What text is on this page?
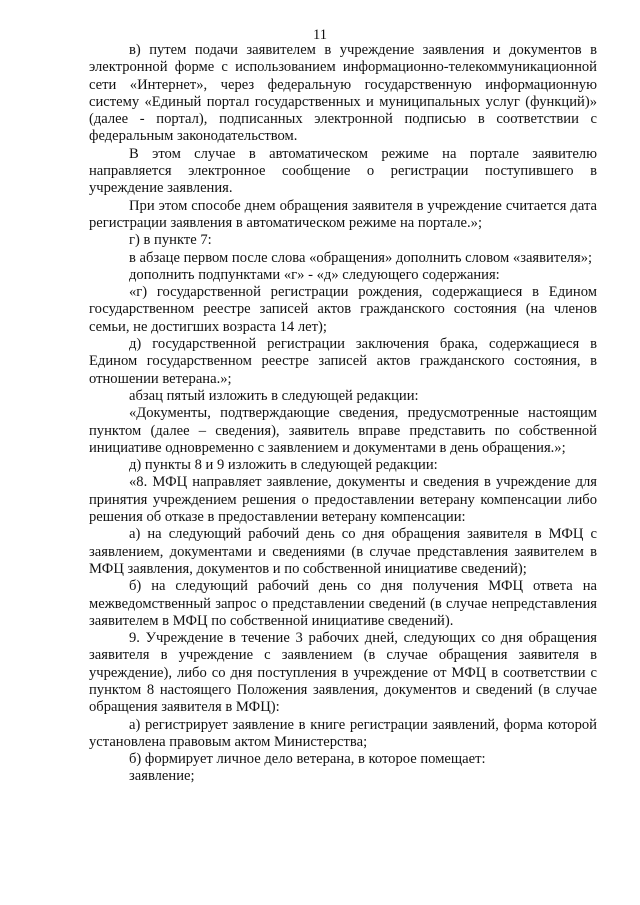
11

в) путем подачи заявителем в учреждение заявления и документов в электронной форме с использованием информационно-телекоммуникационной сети «Интернет», через федеральную государственную информационную систему «Единый портал государственных и муниципальных услуг (функций)» (далее - портал), подписанных электронной подписью в соответствии с федеральным законодательством.

В этом случае в автоматическом режиме на портале заявителю направляется электронное сообщение о регистрации поступившего в учреждение заявления.

При этом способе днем обращения заявителя в учреждение считается дата регистрации заявления в автоматическом режиме на портале.»;

г) в пункте 7:

в абзаце первом после слова «обращения» дополнить словом «заявителя»;

дополнить подпунктами «г» - «д» следующего содержания:

«г) государственной регистрации рождения, содержащиеся в Едином государственном реестре записей актов гражданского состояния (на членов семьи, не достигших возраста 14 лет);

д) государственной регистрации заключения брака, содержащиеся в Едином государственном реестре записей актов гражданского состояния, в отношении ветерана.»;

абзац пятый изложить в следующей редакции:

«Документы, подтверждающие сведения, предусмотренные настоящим пунктом (далее – сведения), заявитель вправе представить по собственной инициативе одновременно с заявлением и документами в день обращения.»;

д) пункты 8 и 9 изложить в следующей редакции:

«8. МФЦ направляет заявление, документы и сведения в учреждение для принятия учреждением решения о предоставлении ветерану компенсации либо решения об отказе в предоставлении ветерану компенсации:

а) на следующий рабочий день со дня обращения заявителя в МФЦ с заявлением, документами и сведениями (в случае представления заявителем в МФЦ заявления, документов и по собственной инициативе сведений);

б) на следующий рабочий день со дня получения МФЦ ответа на межведомственный запрос о представлении сведений (в случае непредставления заявителем в МФЦ по собственной инициативе сведений).

9. Учреждение в течение 3 рабочих дней, следующих со дня обращения заявителя в учреждение с заявлением (в случае обращения заявителя в учреждение), либо со дня поступления в учреждение от МФЦ в соответствии с пунктом 8 настоящего Положения заявления, документов и сведений (в случае обращения заявителя в МФЦ):

а) регистрирует заявление в книге регистрации заявлений, форма которой установлена правовым актом Министерства;

б) формирует личное дело ветерана, в которое помещает:

заявление;
